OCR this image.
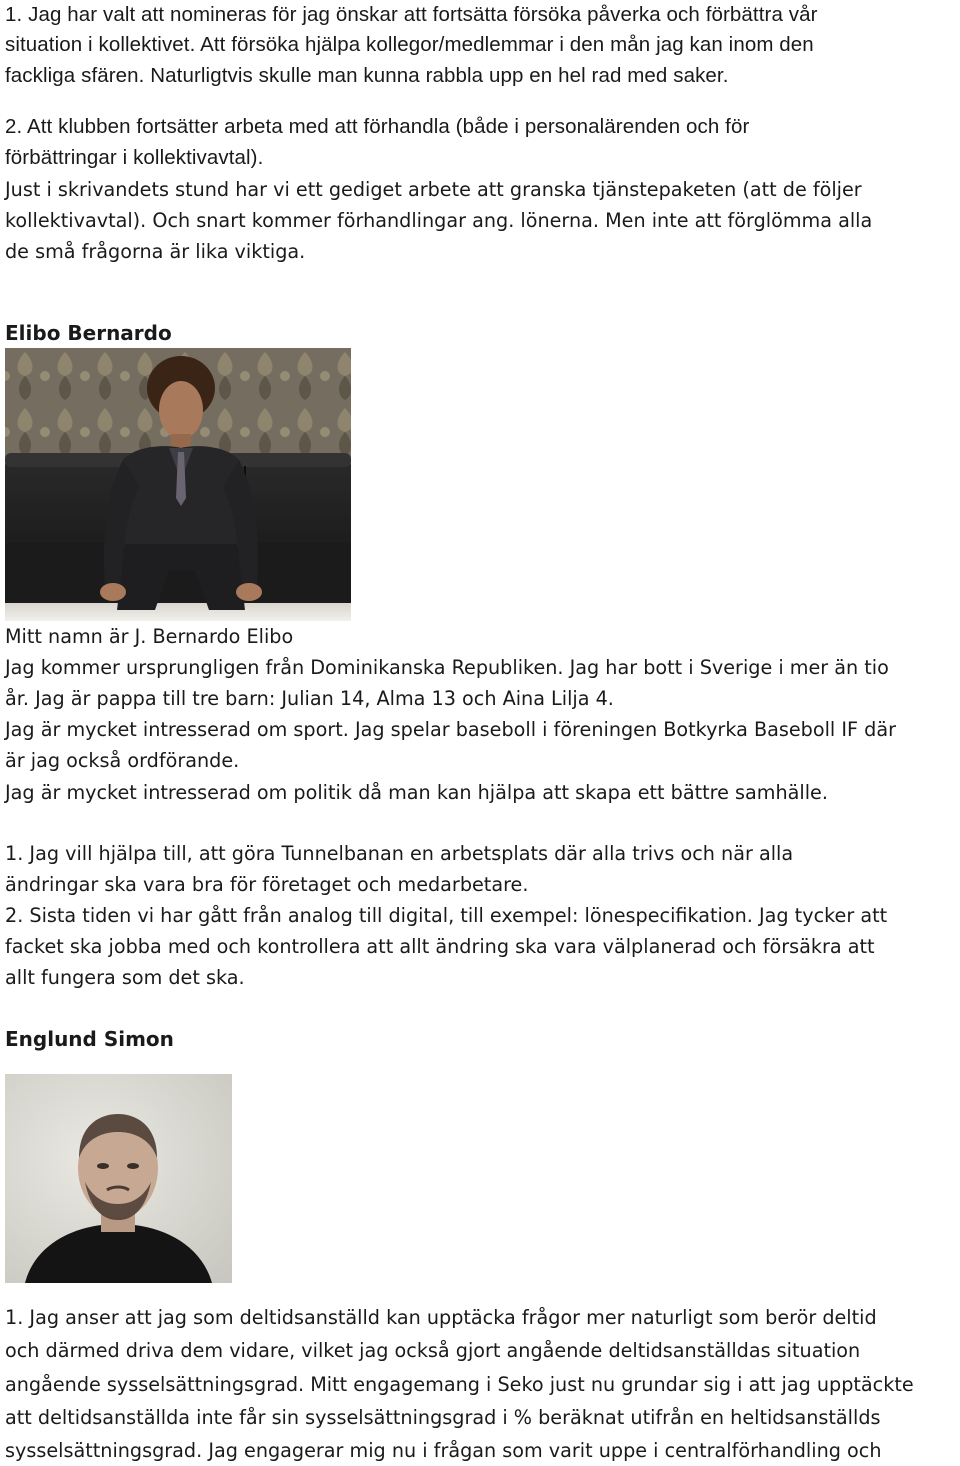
1. Jag har valt att nomineras för jag önskar att fortsätta försöka påverka och förbättra vår

situation i kollektivet. Att försöka hjälpa kollegor/medlemmar i den mån jag kan inom den

fackliga sfären. Naturligtvis skulle man kunna rabbla upp en hel rad med saker.

2. Att klubben fortsätter arbeta med att förhandla (både i personalärenden och för

förbättringar i kollektivavtal).

Just i skrivandets stund har vi ett gediget arbete att granska tjänstepaketen (att de följer

kollektivavtal). Och snart kommer förhandlingar ang. lönerna. Men inte att förglömma alla

de små frågorna är lika viktiga.

Elibo Bernardo

Mitt namn är J. Bernardo Elibo

Jag kommer ursprungligen från Dominikanska Republiken. Jag har bott i Sverige i mer än tio

år. Jag är pappa till tre barn: Julian 14, Alma 13 och Aina Lilja 4.

Jag är mycket intresserad om sport. Jag spelar baseboll i föreningen Botkyrka Baseboll IF där

är jag också ordförande.

Jag är mycket intresserad om politik då man kan hjälpa att skapa ett bättre samhälle.

1. Jag vill hjälpa till, att göra Tunnelbanan en arbetsplats där alla trivs och när alla

ändringar ska vara bra för företaget och medarbetare.

2. Sista tiden vi har gått från analog till digital, till exempel: lönespecifikation. Jag tycker att

facket ska jobba med och kontrollera att allt ändring ska vara välplanerad och försäkra att

allt fungera som det ska.

Englund Simon

1. Jag anser att jag som deltidsanställd kan upptäcka frågor mer naturligt som berör deltid

och därmed driva dem vidare, vilket jag också gjort angående deltidsanställdas situation

angående sysselsättningsgrad. Mitt engagemang i Seko just nu grundar sig i att jag upptäckte

att deltidsanställda inte får sin sysselsättningsgrad i % beräknat utifrån en heltidsanställds

sysselsättningsgrad. Jag engagerar mig nu i frågan som varit uppe i centralförhandling och
